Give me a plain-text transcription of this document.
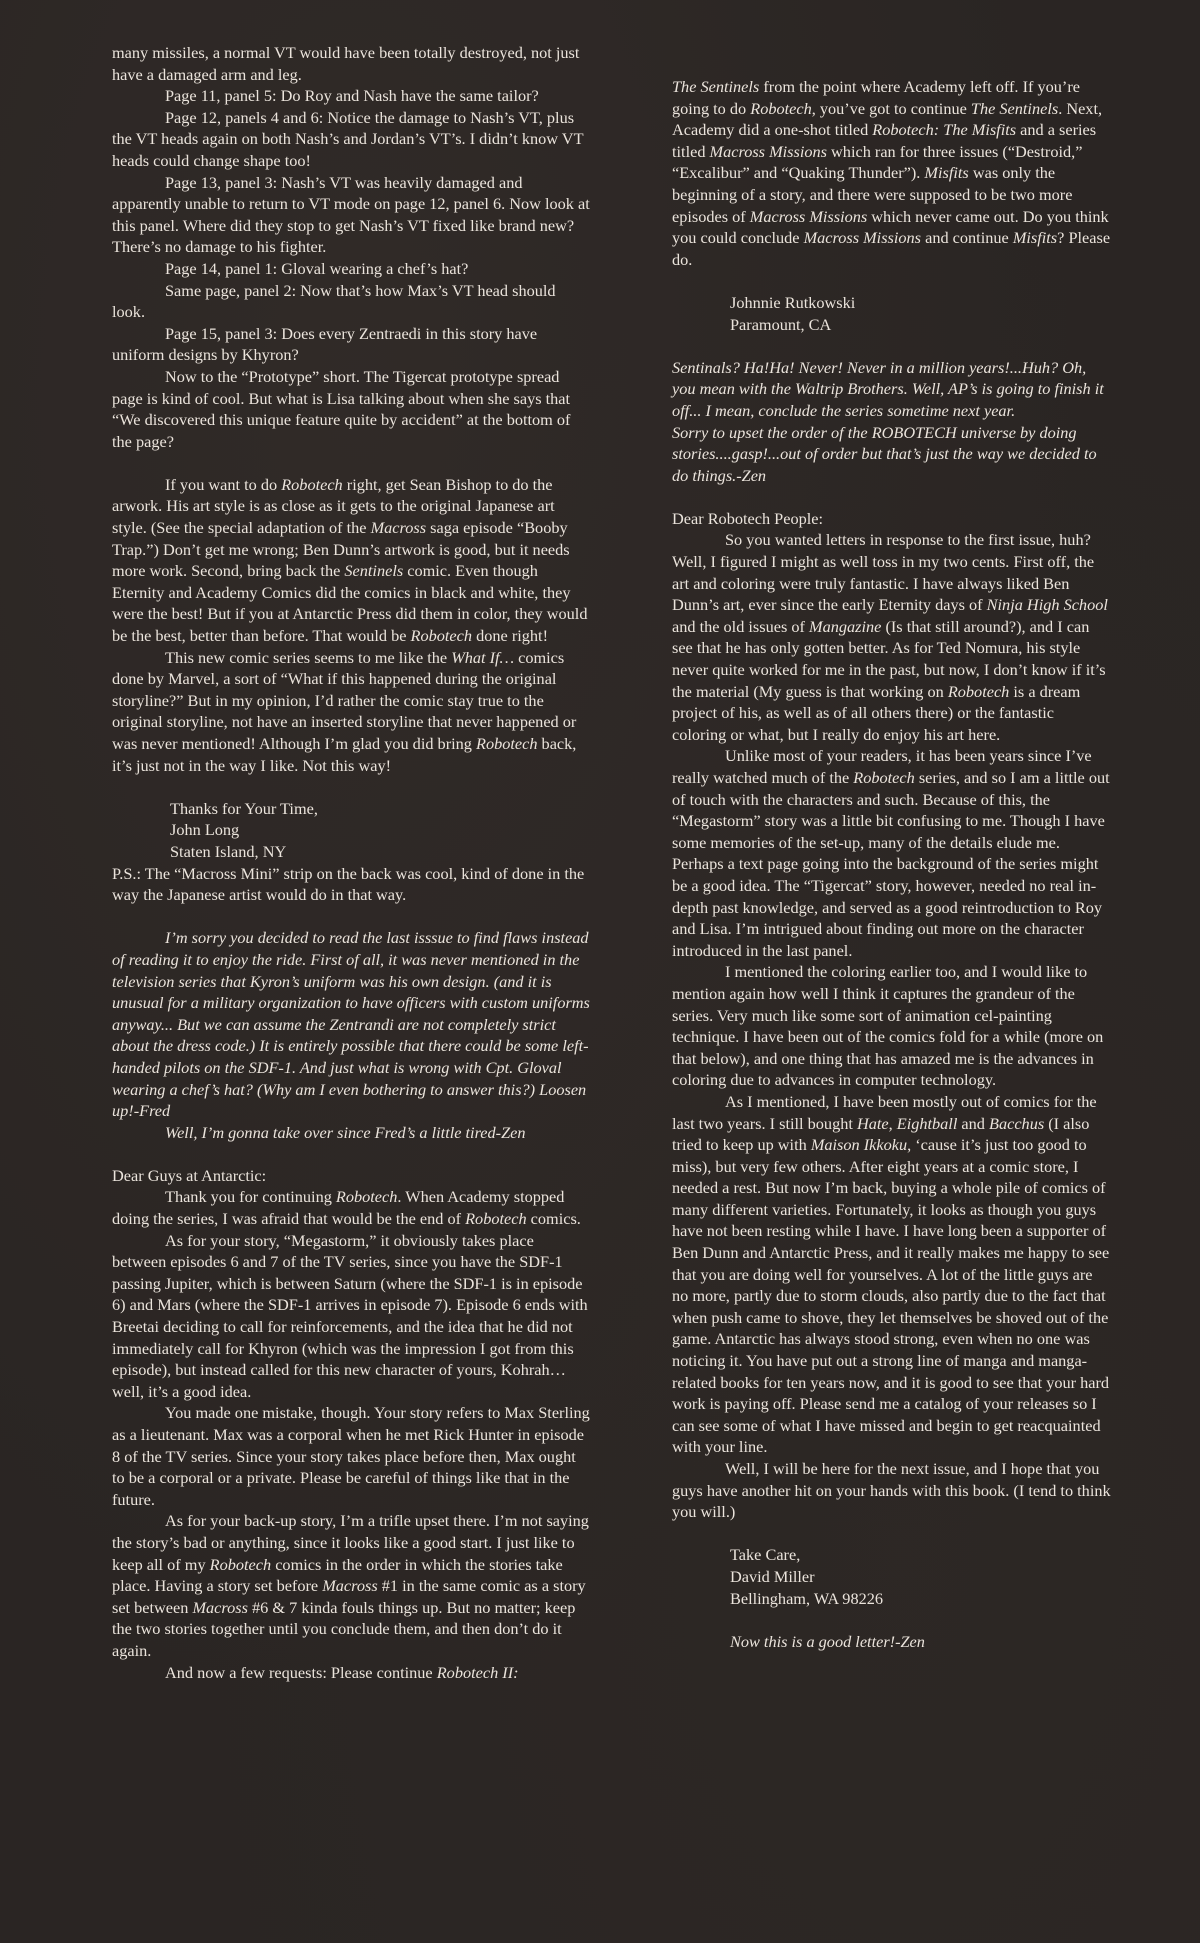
many missiles, a normal VT would have been totally destroyed, not just have a damaged arm and leg.

Page 11, panel 5: Do Roy and Nash have the same tailor?

Page 12, panels 4 and 6: Notice the damage to Nash’s VT, plus the VT heads again on both Nash’s and Jordan’s VT’s. I didn’t know VT heads could change shape too!

Page 13, panel 3: Nash’s VT was heavily damaged and apparently unable to return to VT mode on page 12, panel 6. Now look at this panel. Where did they stop to get Nash’s VT fixed like brand new? There’s no damage to his fighter.

Page 14, panel 1: Gloval wearing a chef’s hat?

Same page, panel 2: Now that’s how Max’s VT head should look.

Page 15, panel 3: Does every Zentraedi in this story have uniform designs by Khyron?

Now to the “Prototype” short. The Tigercat prototype spread page is kind of cool. But what is Lisa talking about when she says that “We discovered this unique feature quite by accident” at the bottom of the page?

If you want to do Robotech right, get Sean Bishop to do the arwork. His art style is as close as it gets to the original Japanese art style. (See the special adaptation of the Macross saga episode “Booby Trap.”) Don’t get me wrong; Ben Dunn’s artwork is good, but it needs more work. Second, bring back the Sentinels comic. Even though Eternity and Academy Comics did the comics in black and white, they were the best! But if you at Antarctic Press did them in color, they would be the best, better than before. That would be Robotech done right!

This new comic series seems to me like the What If… comics done by Marvel, a sort of “What if this happened during the original storyline?” But in my opinion, I’d rather the comic stay true to the original storyline, not have an inserted storyline that never happened or was never mentioned! Although I’m glad you did bring Robotech back, it’s just not in the way I like. Not this way!

Thanks for Your Time,

John Long

Staten Island, NY

P.S.: The “Macross Mini” strip on the back was cool, kind of done in the way the Japanese artist would do in that way.

I’m sorry you decided to read the last isssue to find flaws instead of reading it to enjoy the ride. First of all, it was never mentioned in the television series that Kyron’s uniform was his own design. (and it is unusual for a military organization to have officers with custom uniforms anyway... But we can assume the Zentrandi are not completely strict about the dress code.) It is entirely possible that there could be some left-handed pilots on the SDF-1. And just what is wrong with Cpt. Gloval wearing a chef’s hat? (Why am I even bothering to answer this?) Loosen up!-Fred

Well, I’m gonna take over since Fred’s a little tired-Zen

Dear Guys at Antarctic:

Thank you for continuing Robotech. When Academy stopped doing the series, I was afraid that would be the end of Robotech comics.

As for your story, “Megastorm,” it obviously takes place between episodes 6 and 7 of the TV series, since you have the SDF-1 passing Jupiter, which is between Saturn (where the SDF-1 is in episode 6) and Mars (where the SDF-1 arrives in episode 7). Episode 6 ends with Breetai deciding to call for reinforcements, and the idea that he did not immediately call for Khyron (which was the impression I got from this episode), but instead called for this new character of yours, Kohrah…well, it’s a good idea.

You made one mistake, though. Your story refers to Max Sterling as a lieutenant. Max was a corporal when he met Rick Hunter in episode 8 of the TV series. Since your story takes place before then, Max ought to be a corporal or a private. Please be careful of things like that in the future.

As for your back-up story, I’m a trifle upset there. I’m not saying the story’s bad or anything, since it looks like a good start. I just like to keep all of my Robotech comics in the order in which the stories take place. Having a story set before Macross #1 in the same comic as a story set between Macross #6 & 7 kinda fouls things up. But no matter; keep the two stories together until you conclude them, and then don’t do it again.

And now a few requests: Please continue Robotech II:

The Sentinels from the point where Academy left off. If you’re going to do Robotech, you’ve got to continue The Sentinels. Next, Academy did a one-shot titled Robotech: The Misfits and a series titled Macross Missions which ran for three issues (“Destroid,” “Excalibur” and “Quaking Thunder”). Misfits was only the beginning of a story, and there were supposed to be two more episodes of Macross Missions which never came out. Do you think you could conclude Macross Missions and continue Misfits? Please do.

Johnnie Rutkowski

Paramount, CA

Sentinals? Ha!Ha! Never! Never in a million years!...Huh? Oh, you mean with the Waltrip Brothers. Well, AP’s is going to finish it off... I mean, conclude the series sometime next year.

Sorry to upset the order of the ROBOTECH universe by doing stories....gasp!...out of order but that’s just the way we decided to do things.-Zen

Dear Robotech People:

So you wanted letters in response to the first issue, huh? Well, I figured I might as well toss in my two cents. First off, the art and coloring were truly fantastic. I have always liked Ben Dunn’s art, ever since the early Eternity days of Ninja High School and the old issues of Mangazine (Is that still around?), and I can see that he has only gotten better. As for Ted Nomura, his style never quite worked for me in the past, but now, I don’t know if it’s the material (My guess is that working on Robotech is a dream project of his, as well as of all others there) or the fantastic coloring or what, but I really do enjoy his art here.

Unlike most of your readers, it has been years since I’ve really watched much of the Robotech series, and so I am a little out of touch with the characters and such. Because of this, the “Megastorm” story was a little bit confusing to me. Though I have some memories of the set-up, many of the details elude me. Perhaps a text page going into the background of the series might be a good idea. The “Tigercat” story, however, needed no real in-depth past knowledge, and served as a good reintroduction to Roy and Lisa. I’m intrigued about finding out more on the character introduced in the last panel.

I mentioned the coloring earlier too, and I would like to mention again how well I think it captures the grandeur of the series. Very much like some sort of animation cel-painting technique. I have been out of the comics fold for a while (more on that below), and one thing that has amazed me is the advances in coloring due to advances in computer technology.

As I mentioned, I have been mostly out of comics for the last two years. I still bought Hate, Eightball and Bacchus (I also tried to keep up with Maison Ikkoku, ‘cause it’s just too good to miss), but very few others. After eight years at a comic store, I needed a rest. But now I’m back, buying a whole pile of comics of many different varieties. Fortunately, it looks as though you guys have not been resting while I have. I have long been a supporter of Ben Dunn and Antarctic Press, and it really makes me happy to see that you are doing well for yourselves. A lot of the little guys are no more, partly due to storm clouds, also partly due to the fact that when push came to shove, they let themselves be shoved out of the game. Antarctic has always stood strong, even when no one was noticing it. You have put out a strong line of manga and manga-related books for ten years now, and it is good to see that your hard work is paying off. Please send me a catalog of your releases so I can see some of what I have missed and begin to get reacquainted with your line.

Well, I will be here for the next issue, and I hope that you guys have another hit on your hands with this book. (I tend to think you will.)

Take Care,

David Miller

Bellingham, WA 98226

Now this is a good letter!-Zen
